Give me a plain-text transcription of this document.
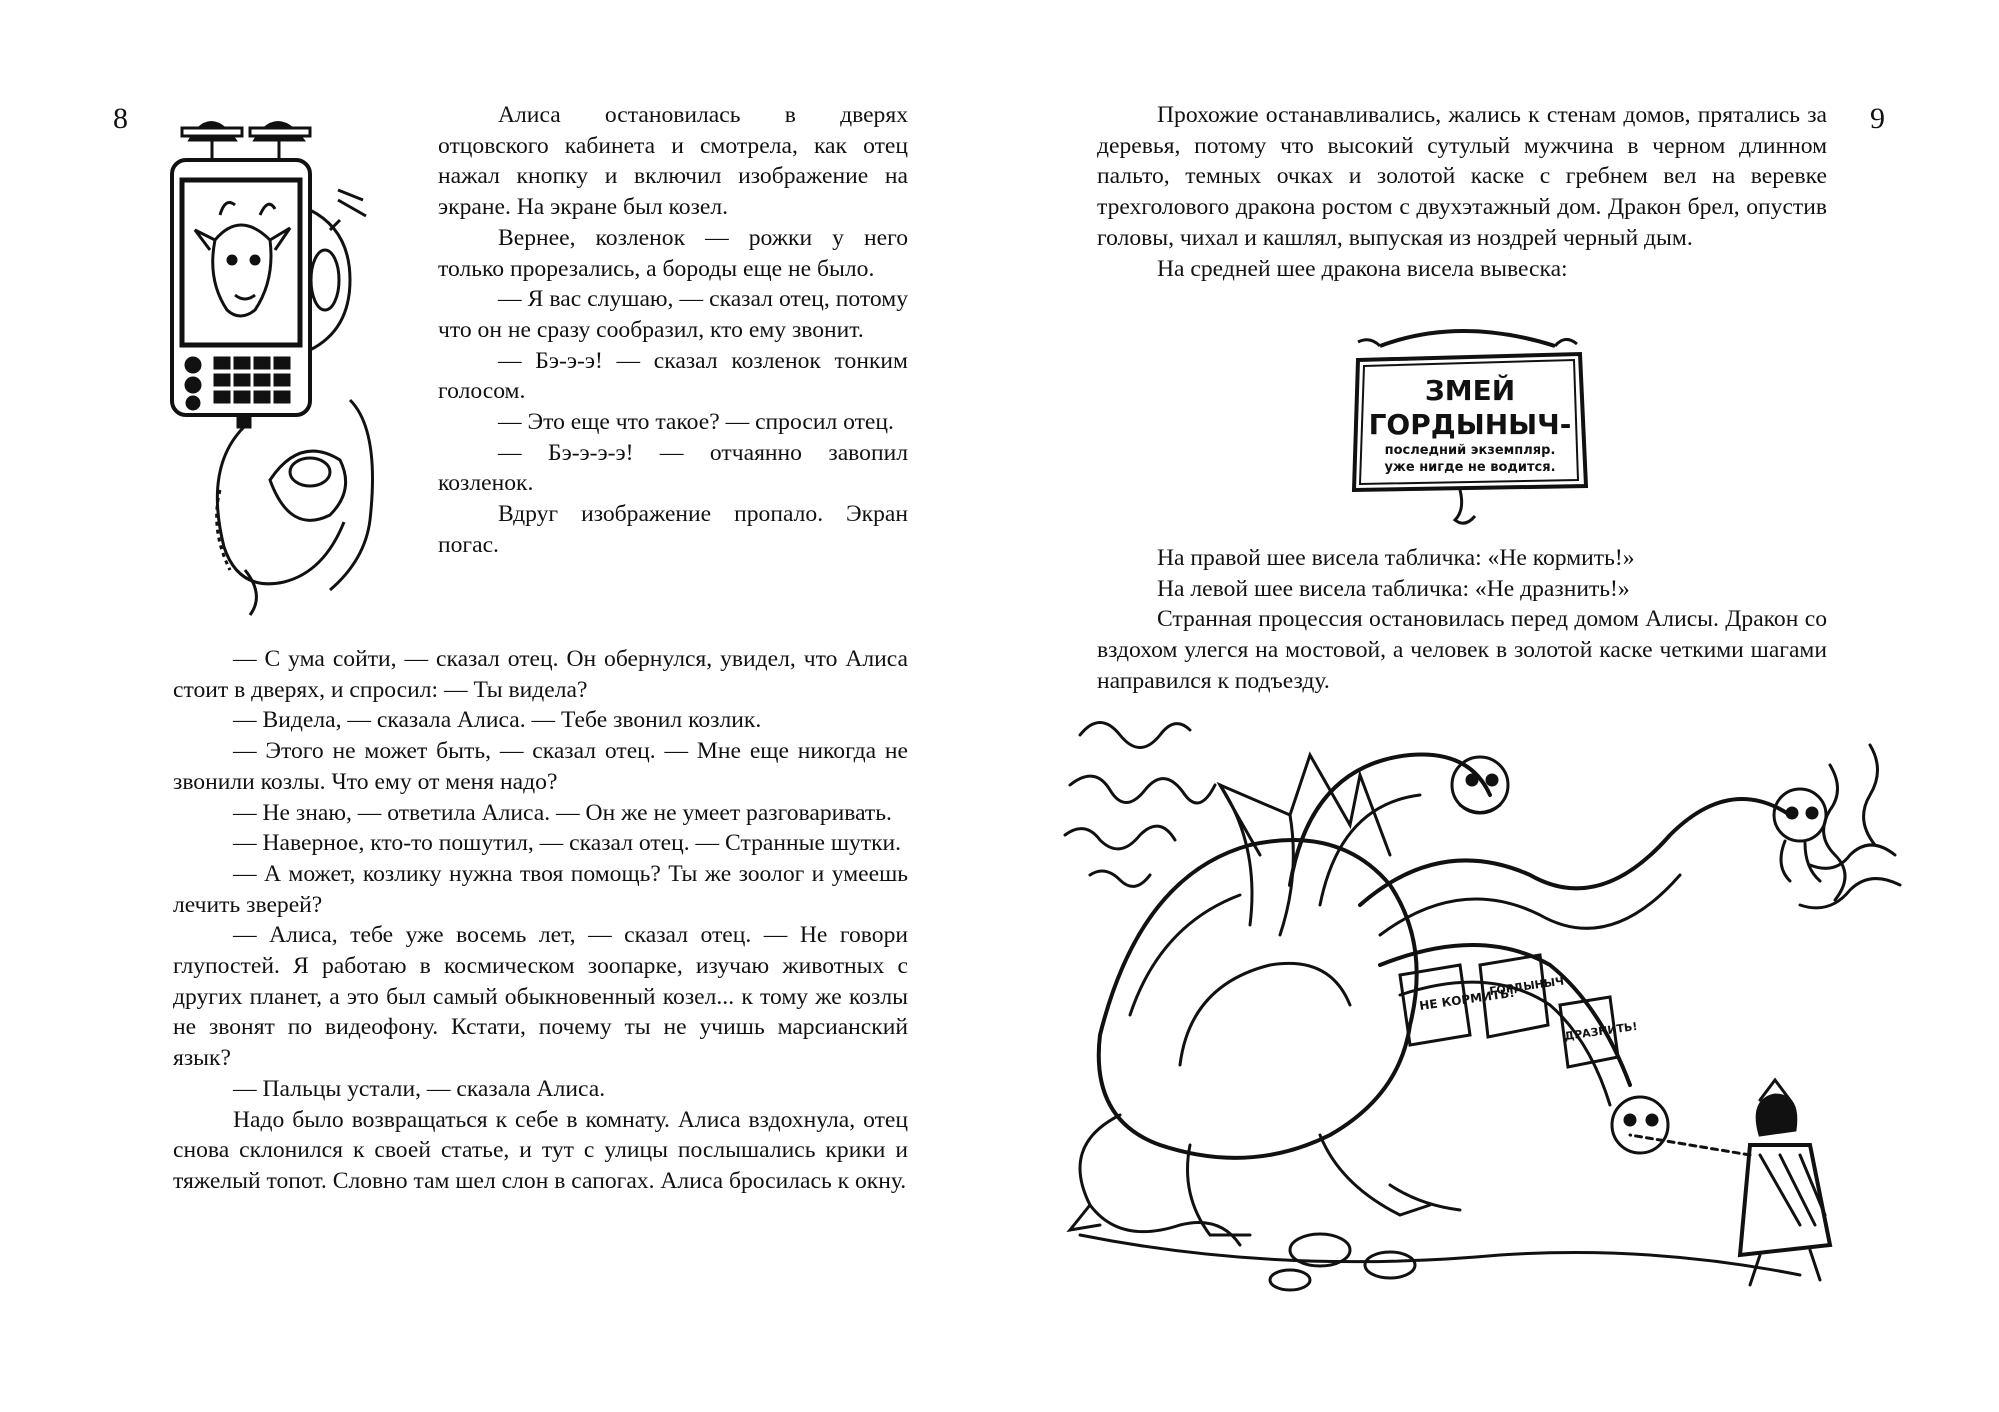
8	Алиса остановилась в дверях отцовского кабинета и смотрела, как отец нажал кнопку и включил изображение на экране. На экране был козел.

Вернее, козленок — рожки у него только прорезались, а бороды еще не было.

— Я вас слушаю, — сказал отец, потому что он не сразу сообразил, кто ему звонит.

— Бэ-э-э! — сказал козленок тонким голосом.

— Это еще что такое? — спросил отец.

— Бэ-э-э-э! — отчаянно завопил козленок.

Вдруг изображение пропало. Экран погас.

— С ума сойти, — сказал отец. Он обернулся, увидел, что Алиса стоит в дверях, и спросил: — Ты видела?

— Видела, — сказала Алиса. — Тебе звонил козлик.

— Этого не может быть, — сказал отец. — Мне еще никогда не звонили козлы. Что ему от меня надо?

— Не знаю, — ответила Алиса. — Он же не умеет разговаривать.

— Наверное, кто-то пошутил, — сказал отец. — Странные шутки.

— А может, козлику нужна твоя помощь? Ты же зоолог и умеешь лечить зверей?

— Алиса, тебе уже восемь лет, — сказал отец. — Не говори глупостей. Я работаю в космическом зоопарке, изучаю животных с других планет, а это был самый обыкновенный козел... к тому же козлы не звонят по видеофону. Кстати, почему ты не учишь марсианский язык?

— Пальцы устали, — сказала Алиса.

Надо было возвращаться к себе в комнату. Алиса вздохнула, отец снова склонился к своей статье, и тут с улицы послышались крики и тяжелый топот. Словно там шел слон в сапогах. Алиса бросилась к окну.

9

Прохожие останавливались, жались к стенам домов, прятались за деревья, потому что высокий сутулый мужчина в черном длинном пальто, темных очках и золотой каске с гребнем вел на веревке трехголового дракона ростом с двухэтажный дом. Дракон брел, опустив головы, чихал и кашлял, выпуская из ноздрей черный дым.

На средней шее дракона висела вывеска:

ЗМЕЙ
ГОРДЫНЫЧ-
последний экземпляр.
уже нигде не водится.

На правой шее висела табличка: «Не кормить!»

На левой шее висела табличка: «Не дразнить!»

Странная процессия остановилась перед домом Алисы. Дракон со вздохом улегся на мостовой, а человек в золотой каске четкими шагами направился к подъезду.

НЕ КОРМИТЬ!
ГОРДЫНЫЧ
ДРАЗНИТЬ!
